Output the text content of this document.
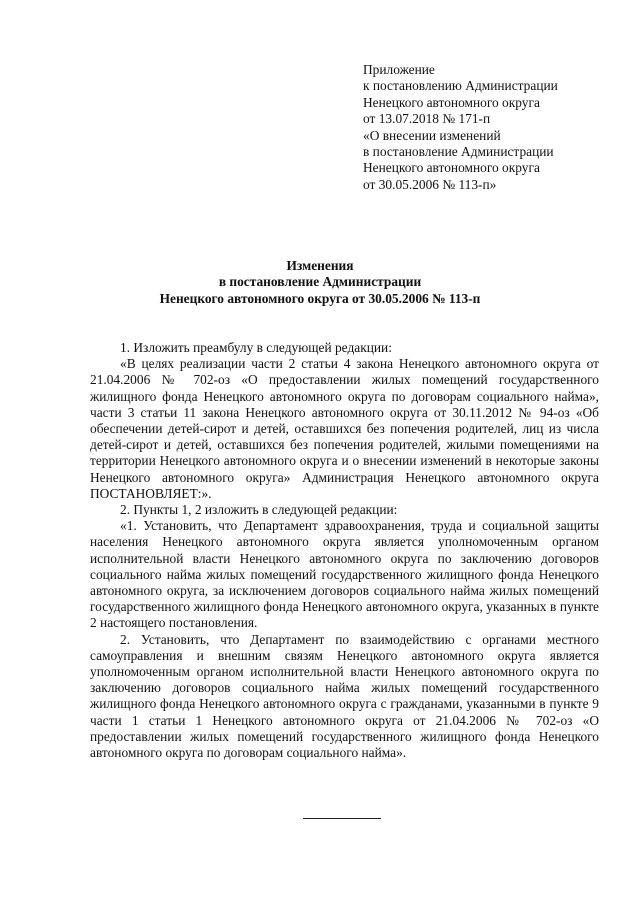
Приложение
к постановлению Администрации
Ненецкого автономного округа
от 13.07.2018 № 171-п
«О внесении изменений
в постановление Администрации
Ненецкого автономного округа
от 30.05.2006 № 113-п»
Изменения
в постановление Администрации
Ненецкого автономного округа от 30.05.2006 № 113-п

1. Изложить преамбулу в следующей редакции:

«В целях реализации части 2 статьи 4 закона Ненецкого автономного округа от 21.04.2006 № 702-оз «О предоставлении жилых помещений государственного жилищного фонда Ненецкого автономного округа по договорам социального найма», части 3 статьи 11 закона Ненецкого автономного округа от 30.11.2012 № 94-оз «Об обеспечении детей-сирот и детей, оставшихся без попечения родителей, лиц из числа детей-сирот и детей, оставшихся без попечения родителей, жилыми помещениями на территории Ненецкого автономного округа и о внесении изменений в некоторые законы Ненецкого автономного округа» Администрация Ненецкого автономного округа ПОСТАНОВЛЯЕТ:».

2. Пункты 1, 2 изложить в следующей редакции:

«1. Установить, что Департамент здравоохранения, труда и социальной защиты населения Ненецкого автономного округа является уполномоченным органом исполнительной власти Ненецкого автономного округа по заключению договоров социального найма жилых помещений государственного жилищного фонда Ненецкого автономного округа, за исключением договоров социального найма жилых помещений государственного жилищного фонда Ненецкого автономного округа, указанных в пункте 2 настоящего постановления.

2. Установить, что Департамент по взаимодействию с органами местного самоуправления и внешним связям Ненецкого автономного округа является уполномоченным органом исполнительной власти Ненецкого автономного округа по заключению договоров социального найма жилых помещений государственного жилищного фонда Ненецкого автономного округа с гражданами, указанными в пункте 9 части 1 статьи 1 Ненецкого автономного округа от 21.04.2006 № 702-оз «О предоставлении жилых помещений государственного жилищного фонда Ненецкого автономного округа по договорам социального найма».
